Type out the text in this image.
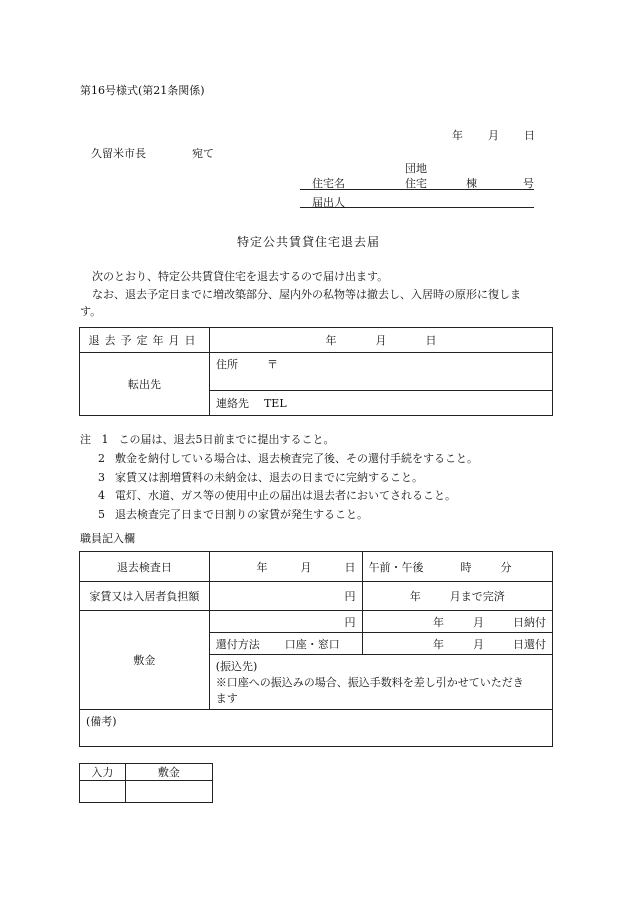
第16号様式(第21条関係)
年 月 日
久留米市長	宛て
団地
住宅名	住宅	棟	号
届出人
特定公共賃貸住宅退去届
次のとおり、特定公共賃貸住宅を退去するので届け出ます。
なお、退去予定日までに増改築部分、屋内外の私物等は撤去し、入居時の原形に復しま
す。
退去予定年月日	年 月 日
転出先	住所 〒
	連絡先 TEL
注 1 この届は、退去5日前までに提出すること。
2 敷金を納付している場合は、退去検査完了後、その還付手続をすること。
3 家賃又は割増賃料の未納金は、退去の日までに完納すること。
4 電灯、水道、ガス等の使用中止の届出は退去者においてされること。
5 退去検査完了日まで日割りの家賃が発生すること。
職員記入欄
退去検査日	年 月 日	午前・午後 時 分
家賃又は入居者負担額	円	年 月まで完済
敷金	円	年 月 日納付
	還付方法 口座・窓口	年 月 日還付

	(振込先)
※口座への振込みの場合、振込手数料を差し引かせていただき
ます	

(備考)		
入力	敷金
